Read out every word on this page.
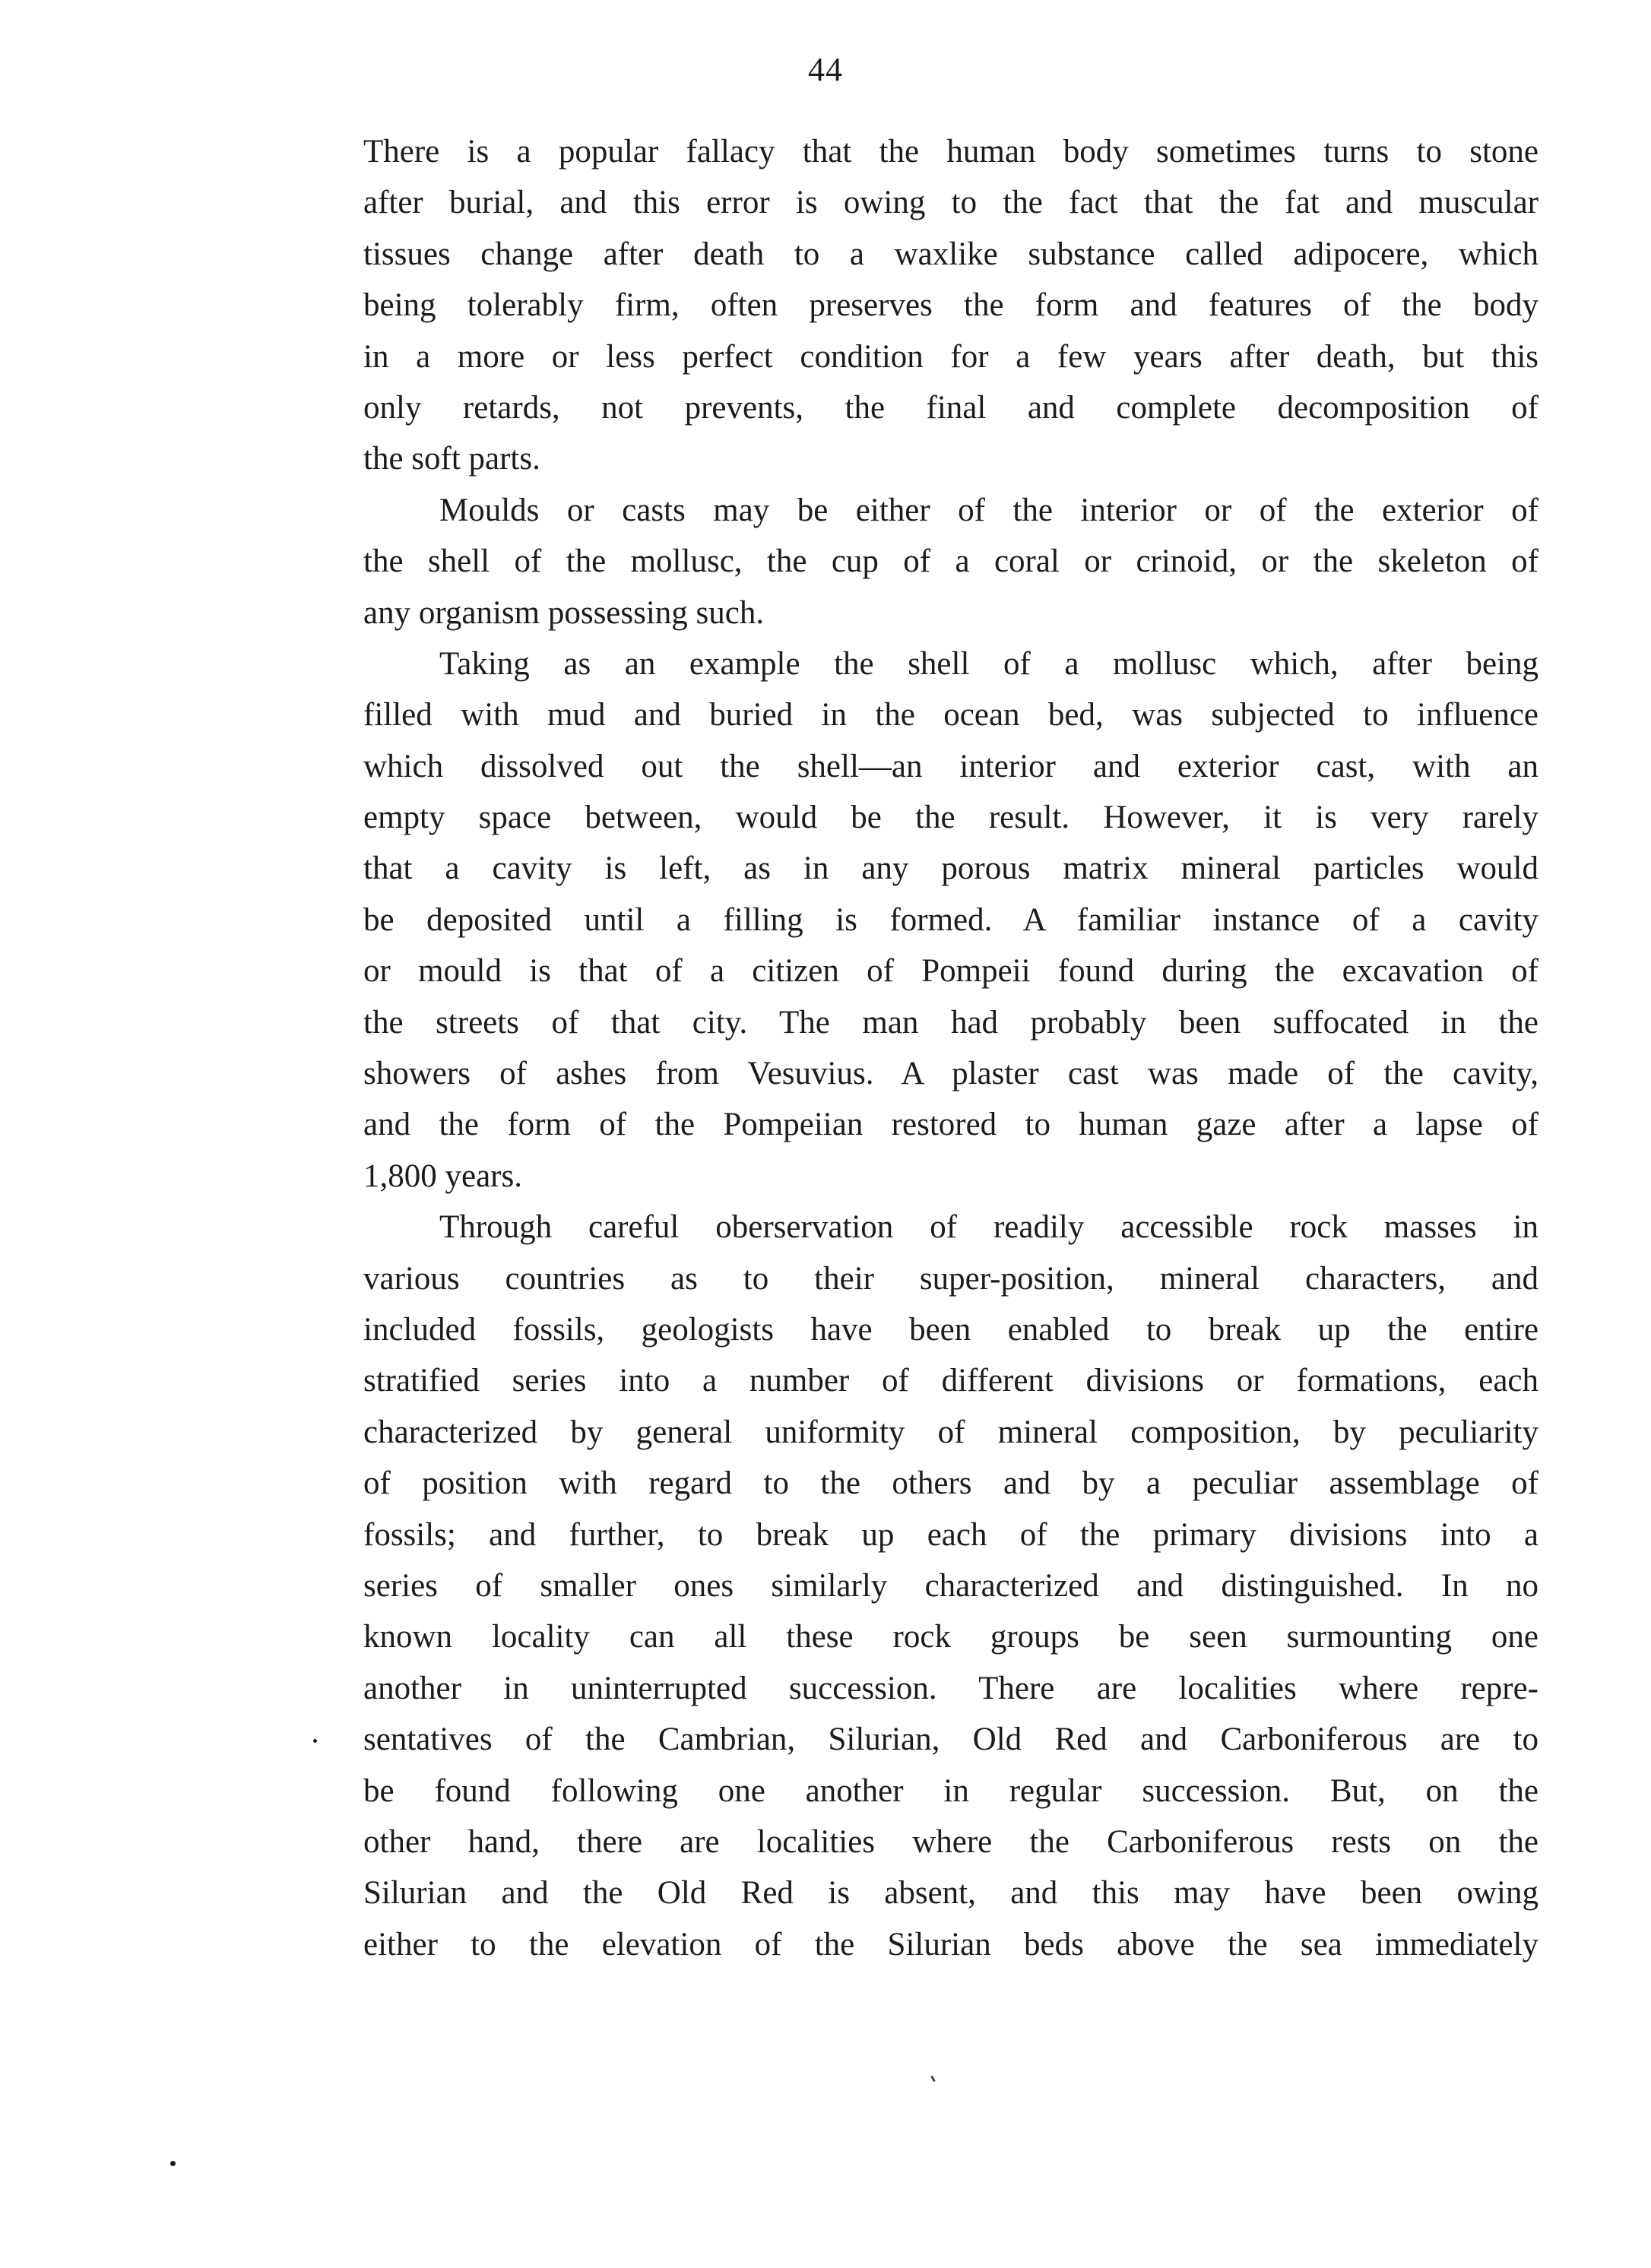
44
There is a popular fallacy that the human body sometimes turns to stone
after burial, and this error is owing to the fact that the fat and muscular
tissues change after death to a waxlike substance called adipocere, which
being tolerably firm, often preserves the form and features of the body
in a more or less perfect condition for a few years after death, but this
only retards, not prevents, the final and complete decomposition of
the soft parts.
Moulds or casts may be either of the interior or of the exterior of
the shell of the mollusc, the cup of a coral or crinoid, or the skeleton of
any organism possessing such.
Taking as an example the shell of a mollusc which, after being
filled with mud and buried in the ocean bed, was subjected to influence
which dissolved out the shell—an interior and exterior cast, with an
empty space between, would be the result. However, it is very rarely
that a cavity is left, as in any porous matrix mineral particles would
be deposited until a filling is formed. A familiar instance of a cavity
or mould is that of a citizen of Pompeii found during the excavation of
the streets of that city. The man had probably been suffocated in the
showers of ashes from Vesuvius. A plaster cast was made of the cavity,
and the form of the Pompeiian restored to human gaze after a lapse of
1,800 years.
Through careful oberservation of readily accessible rock masses in
various countries as to their super-position, mineral characters, and
included fossils, geologists have been enabled to break up the entire
stratified series into a number of different divisions or formations, each
characterized by general uniformity of mineral composition, by peculiarity
of position with regard to the others and by a peculiar assemblage of
fossils; and further, to break up each of the primary divisions into a
series of smaller ones similarly characterized and distinguished. In no
known locality can all these rock groups be seen surmounting one
another in uninterrupted succession. There are localities where repre-
sentatives of the Cambrian, Silurian, Old Red and Carboniferous are to
be found following one another in regular succession. But, on the
other hand, there are localities where the Carboniferous rests on the
Silurian and the Old Red is absent, and this may have been owing
either to the elevation of the Silurian beds above the sea immediately
